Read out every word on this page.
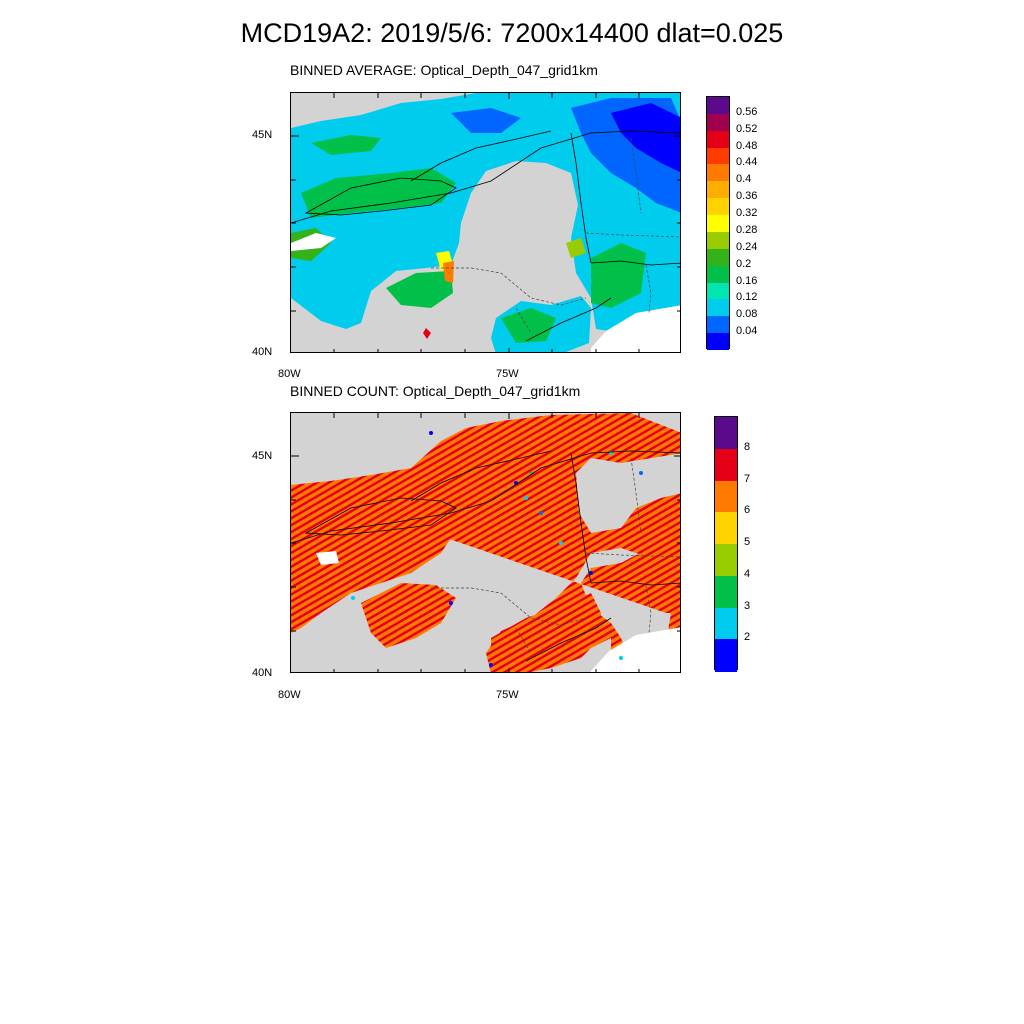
MCD19A2: 2019/5/6: 7200x14400 dlat=0.025
BINNED AVERAGE: Optical_Depth_047_grid1km
45N
40N
80W	75W
0.56
0.52
0.48
0.44
0.4
0.36
0.32
0.28
0.24
0.2
0.16
0.12
0.08
0.04
BINNED COUNT: Optical_Depth_047_grid1km
45N
40N
80W	75W
8
7
6
5
4
3
2
